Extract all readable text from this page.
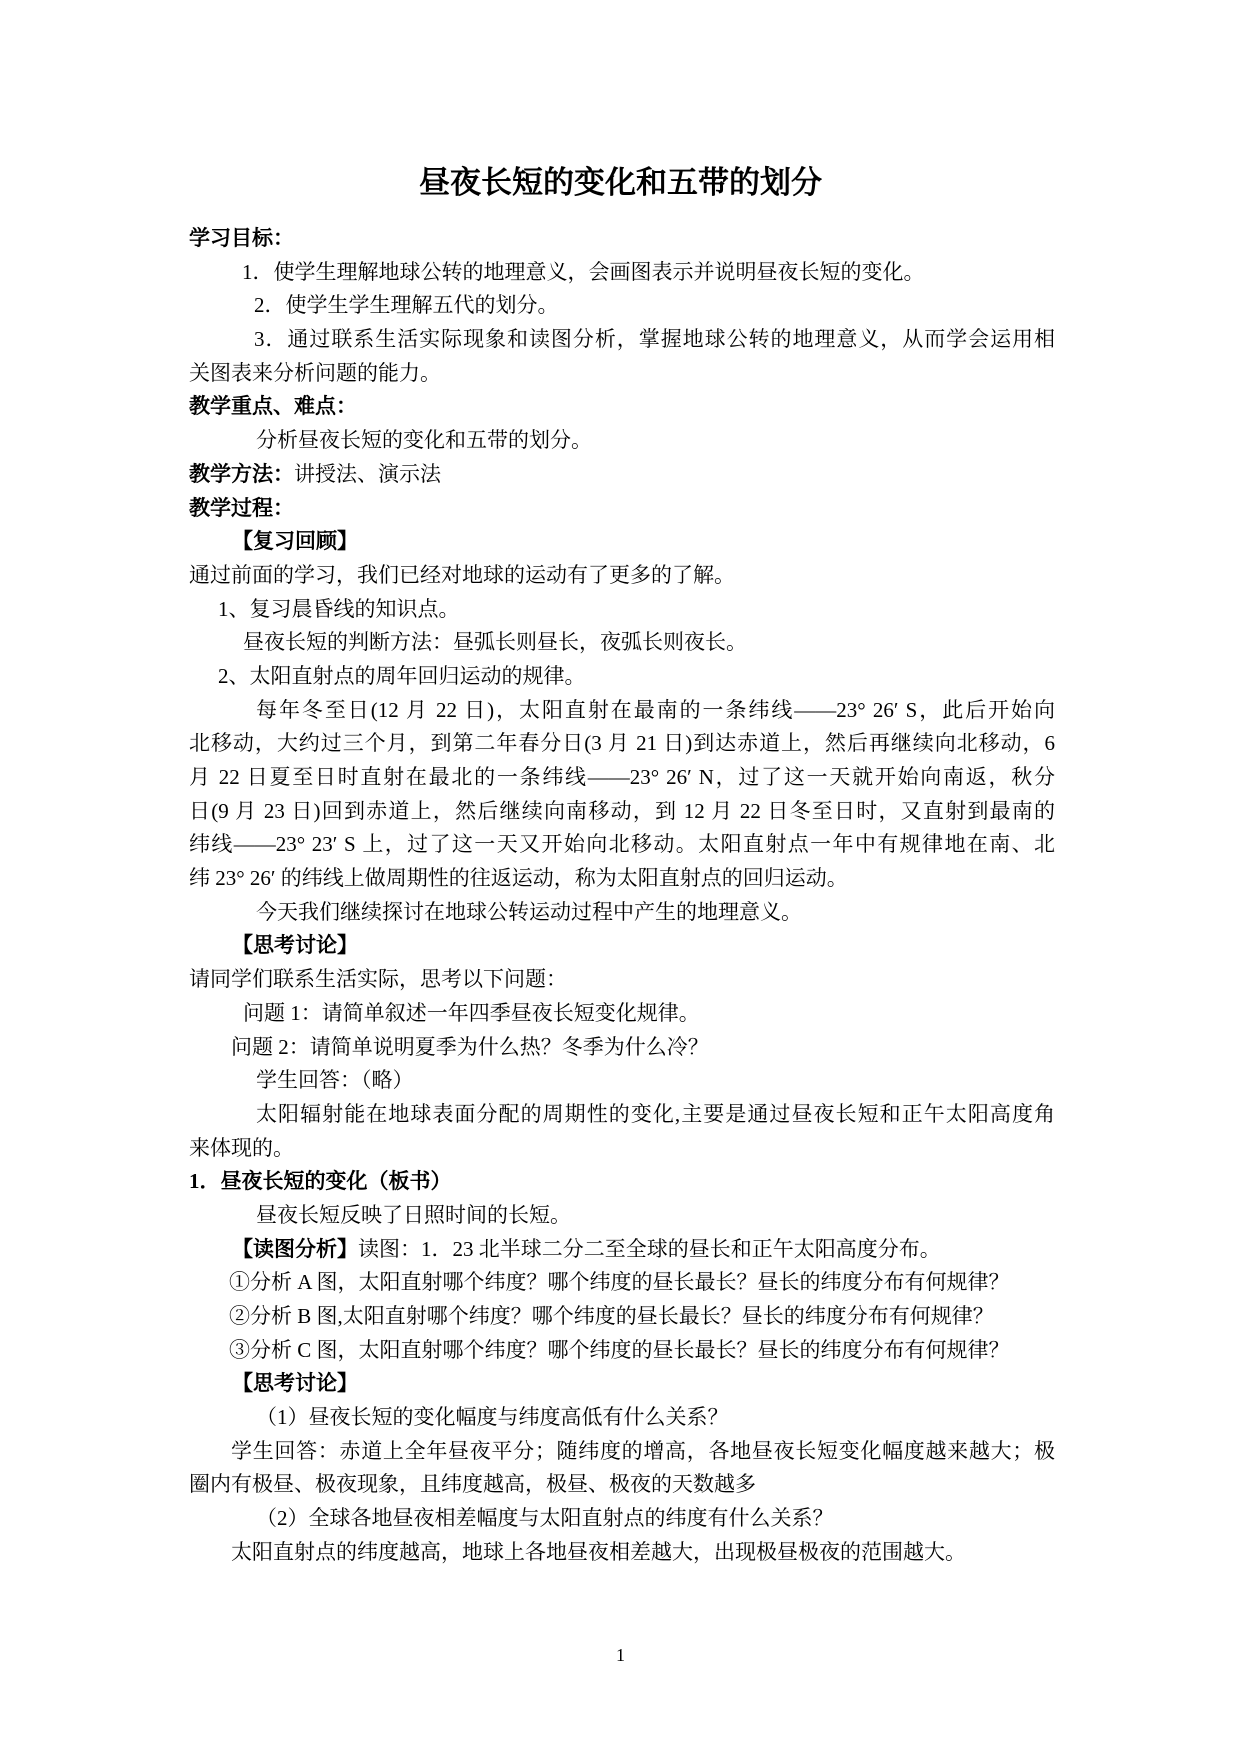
昼夜长短的变化和五带的划分
学习目标：
1．使学生理解地球公转的地理意义，会画图表示并说明昼夜长短的变化。
2．使学生学生理解五代的划分。
3．通过联系生活实际现象和读图分析，掌握地球公转的地理意义，从而学会运用相
关图表来分析问题的能力。
教学重点、难点：
分析昼夜长短的变化和五带的划分。
教学方法：讲授法、演示法
教学过程：
【复习回顾】
通过前面的学习，我们已经对地球的运动有了更多的了解。
1、复习晨昏线的知识点。
昼夜长短的判断方法：昼弧长则昼长，夜弧长则夜长。
2、太阳直射点的周年回归运动的规律。
每年冬至日(12 月 22 日)，太阳直射在最南的一条纬线——23° 26′ S，此后开始向
北移动，大约过三个月，到第二年春分日(3 月 21 日)到达赤道上，然后再继续向北移动，6
月 22 日夏至日时直射在最北的一条纬线——23° 26′ N，过了这一天就开始向南返，秋分
日(9 月 23 日)回到赤道上，然后继续向南移动，到 12 月 22 日冬至日时，又直射到最南的
纬线——23° 23′ S 上，过了这一天又开始向北移动。太阳直射点一年中有规律地在南、北
纬 23° 26′ 的纬线上做周期性的往返运动，称为太阳直射点的回归运动。
今天我们继续探讨在地球公转运动过程中产生的地理意义。
【思考讨论】
请同学们联系生活实际，思考以下问题：
问题 1：请简单叙述一年四季昼夜长短变化规律。
问题 2：请简单说明夏季为什么热？冬季为什么冷？
学生回答：（略）
太阳辐射能在地球表面分配的周期性的变化,主要是通过昼夜长短和正午太阳高度角
来体现的。
1．昼夜长短的变化（板书）
昼夜长短反映了日照时间的长短。
【读图分析】读图：1．23 北半球二分二至全球的昼长和正午太阳高度分布。
①分析 A 图，太阳直射哪个纬度？哪个纬度的昼长最长？昼长的纬度分布有何规律？
②分析 B 图,太阳直射哪个纬度？哪个纬度的昼长最长？昼长的纬度分布有何规律？
③分析 C 图，太阳直射哪个纬度？哪个纬度的昼长最长？昼长的纬度分布有何规律？
【思考讨论】
（1）昼夜长短的变化幅度与纬度高低有什么关系？
学生回答：赤道上全年昼夜平分；随纬度的增高，各地昼夜长短变化幅度越来越大；极
圈内有极昼、极夜现象，且纬度越高，极昼、极夜的天数越多
（2）全球各地昼夜相差幅度与太阳直射点的纬度有什么关系？
太阳直射点的纬度越高，地球上各地昼夜相差越大，出现极昼极夜的范围越大。
1
